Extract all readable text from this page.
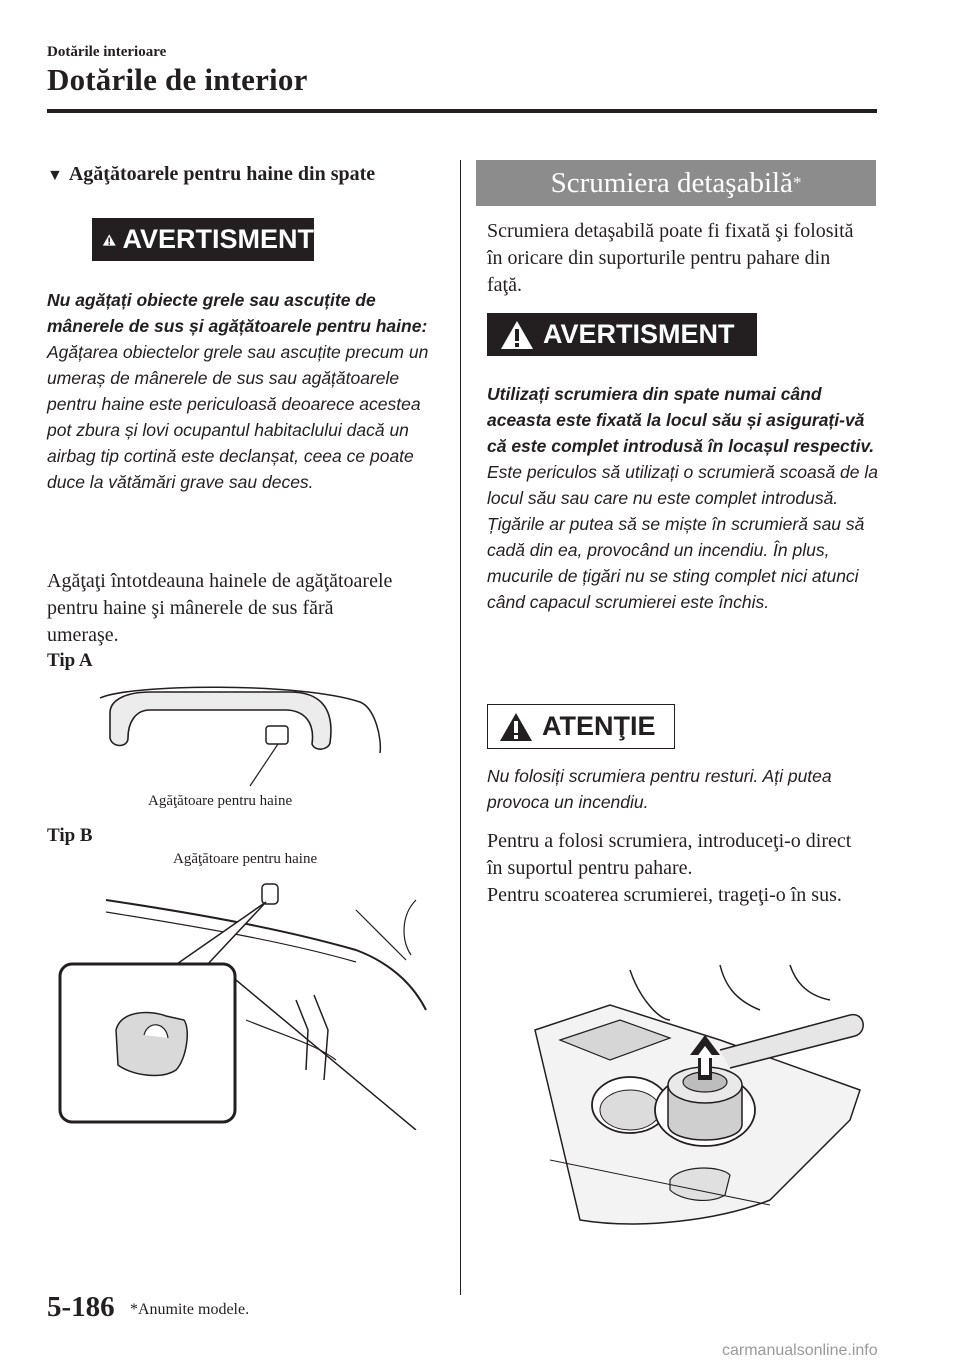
Dotările interioare
Dotările de interior
▼ Agăţătoarele pentru haine din spate
AVERTISMENT
Nu agățați obiecte grele sau ascuțite de mânerele de sus și agățătoarele pentru haine:
Agățarea obiectelor grele sau ascuțite precum un umeraș de mânerele de sus sau agățătoarele pentru haine este periculoasă deoarece acestea pot zbura și lovi ocupantul habitaclului dacă un airbag tip cortină este declanșat, ceea ce poate duce la vătămări grave sau deces.
Agăţaţi întotdeauna hainele de agăţătoarele pentru haine şi mânerele de sus fără umeraşe.
Tip A
Agăţătoare pentru haine
Tip B
Agăţătoare pentru haine
Scrumiera detaşabilă *
Scrumiera detaşabilă poate fi fixată şi folosită în oricare din suporturile pentru pahare din faţă.
AVERTISMENT
Utilizați scrumiera din spate numai când aceasta este fixată la locul său și asigurați-vă că este complet introdusă în locașul respectiv.
Este periculos să utilizați o scrumieră scoasă de la locul său sau care nu este complet introdusă. Țigările ar putea să se miște în scrumieră sau să cadă din ea, provocând un incendiu. În plus, mucurile de țigări nu se sting complet nici atunci când capacul scrumierei este închis.
ATENŢIE
Nu folosiți scrumiera pentru resturi. Ați putea provoca un incendiu.
Pentru a folosi scrumiera, introduceţi-o direct în suportul pentru pahare.
Pentru scoaterea scrumierei, trageţi-o în sus.
5-186 *Anumite modele.
carmanualsonline.info
